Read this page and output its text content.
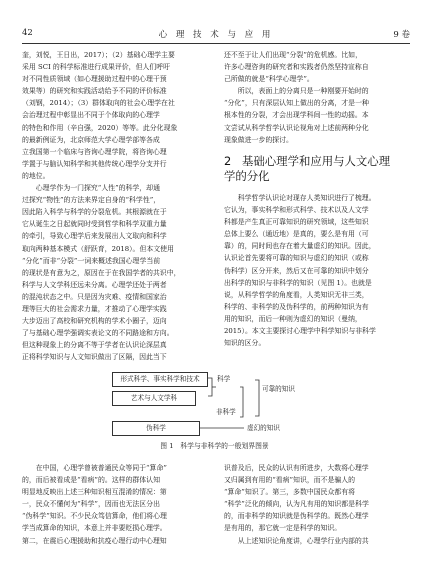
42	心 理 技 术 与 应 用	9 卷
奎，刘悦，王日出，2017）；（2）基础心理学主要
采用 SCI 的科学标准进行成果评价，但人们呼吁
对不同性质领域（如心理援助过程中的心理干预
效果等）的研究和实践活动给予不同的评价标准
（刘钢，2014）；（3）群体取向的社会心理学在社
会治理过程中彰显出不同于个体取向的心理学
的特色和作用（辛自强，2020）等等。此分化现象
的最新例证为，北京师范大学心理学部等各成
立我国第一个临床与咨询心理学院，将咨询心理
学置于与脑认知科学和其他传统心理学分支并行
的地位。
　　心理学作为一门探究“人性”的科学，却通
过探究“物性”的方法来界定自身的“科学性”，
因此陷入科学与科学的分裂危机。其根源就在于
它从诞生之日起就同时受到哲学和科学双重力量
的牵引，导致心理学后来发展出人文取向和科学
取向两种基本模式（舒跃育，2018）。但本文使用
“分化”而非“分裂”一词来概述我国心理学当前
的现状是有意为之，原因在于在我国学者的共识中，
科学与人文学科还远未分离。心理学还处于两者
的混沌状态之中。只是因为灾难、疫情和国家治
理等巨大的社会需求力量，才推动了心理学实践
大步迈出了高校和研究机构的学术小圈子，迈向
了与基础心理学强调实表论文的不同路途和方向。
但这种现象上的分离不等于学者在认识论深层真
正将科学知识与人文知识做出了区隔，因此当下
还不至于让人们出现“分裂”的危机感。比如，
许多心理咨询的研究者和实践者仍然坚持宣称自
己所做的就是“科学心理学”。
　　所以，表面上的分离只是一种刚要开始时的
“分化”，只有深层认知上做出的分离，才是一种
根本性的分裂，才会出现学科间一性的动摇。本
文尝试从科学哲学认识论视角对上述前两种分化
现象做进一步的探讨。
2 基础心理学和应用与人文心理
学的分化
　　科学哲学认识论对现存人类知识进行了梳理。
它认为，事实科学和形式科学、技术以及人文学
科都是产生真正可靠知识的研究领域，这些知识
总体上要么（通近地）是真的，要么是有用（可
靠）的，同时间也存在着大量虚幻的知识。因此，
认识论首先要将可靠的知识与虚幻的知识（或称
伪科学）区分开来，然后又在可靠的知识中划分
出科学的知识与非科学的知识（见图 1）。也就是
说，从科学哲学的角度看，人类知识无非三类，
科学的、非科学的及伪科学的，前两种知识为有
用的知识，而后一种则为虚幻的知识（曼纳，
2015）。本文主要探讨心理学中科学知识与非科学
知识的区分。
形式科学、事实科学和技术
艺术与人文学科
伪科学
科学
非科学
可靠的知识
虚幻的知识
图 1　科学与非科学的一般划界图景
　　在中国，心理学曾被普通民众等同于“算命”
的，而后被看成是“看病”的。这样的群体认知
明显地反映出上述三种知识相互混淆的情况：第
一，民众不懂何为“科学”，因而也无法区分出
“伪科学”知识。不少民众笃信算命，他们将心理
学当成算命的知识，本意上并非要贬损心理学。
第二，在震后心理援助和抗疫心理行动中心理知
识普及后，民众的认识有所进步，大数将心理学
又归属到有用的“看病”知识，而不是骗人的
“算命”知识了。第三，多数中国民众都有将
“科学”泛化的倾向，认为凡有用的知识都是科学
的，而非科学的知识就是伪科学的。既然心理学
是有用的，那它就一定是科学的知识。
　　从上述知识论角度讲，心理学行业内部的共
